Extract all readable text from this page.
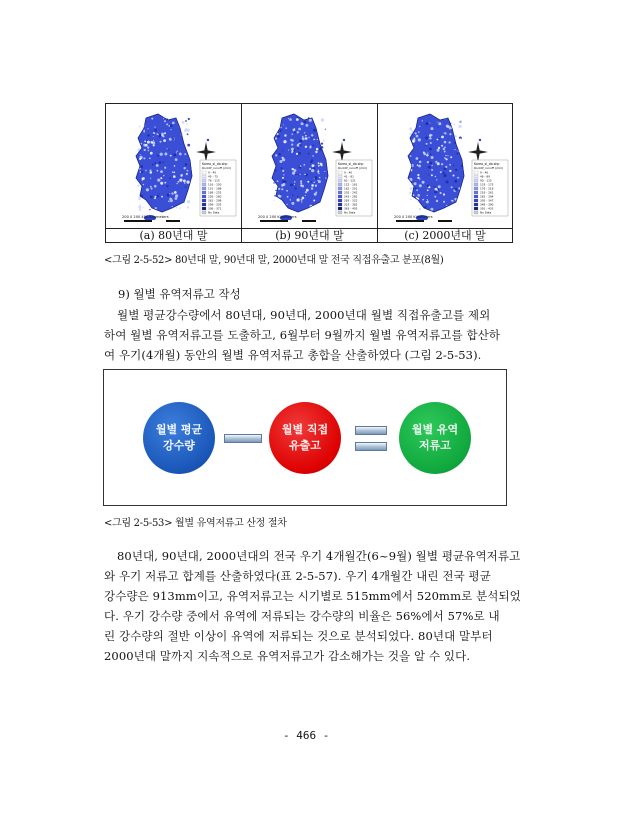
Korea_si_do.shp
Ruddif_runoff (mm)
0 - 45
45 - 75
76 - 115
116 - 150
151 - 188
189 - 225
226 - 260
261 - 298
299 - 335
336 - 371
No Data
200 0 200 400 Kilometers
Korea_si_do.shp
Ruddif_runoff (mm)
0 - 40
41 - 81
82 - 121
122 - 161
162 - 201
202 - 242
243 - 282
283 - 322
323 - 362
363 - 403
No Data
200 0 200 Kilometers
Korea_si_do.shp
Ruddif_runoff (mm)
0 - 46
46 - 89
90 - 132
133 - 175
176 - 218
219 - 261
262 - 304
305 - 347
348 - 390
391 - 433
No Data
200 0 200 Kilometers
(a) 80년대 말	(b) 90년대 말	(c) 2000년대 말
<그림 2-5-52> 80년대 말, 90년대 말, 2000년대 말 전국 직접유출고 분포(8월)
9) 월별 유역저류고 작성
월별 평균강수량에서 80년대, 90년대, 2000년대 월별 직접유출고를 제외
하여 월별 유역저류고를 도출하고, 6월부터 9월까지 월별 유역저류고를 합산하
여 우기(4개월) 동안의 월별 유역저류고 총합을 산출하였다 (그림 2-5-53).
월별 평균
강수량
월별 직접
유출고
월별 유역
저류고
<그림 2-5-53> 월별 유역저류고 산정 절차
80년대, 90년대, 2000년대의 전국 우기 4개월간(6~9월) 월별 평균유역저류고
와 우기 저류고 합계를 산출하였다(표 2-5-57). 우기 4개월간 내린 전국 평균
강수량은 913mm이고, 유역저류고는 시기별로 515mm에서 520mm로 분석되었
다. 우기 강수량 중에서 유역에 저류되는 강수량의 비율은 56%에서 57%로 내
린 강수량의 절반 이상이 유역에 저류되는 것으로 분석되었다. 80년대 말부터
2000년대 말까지 지속적으로 유역저류고가 감소해가는 것을 알 수 있다.
- 466 -
